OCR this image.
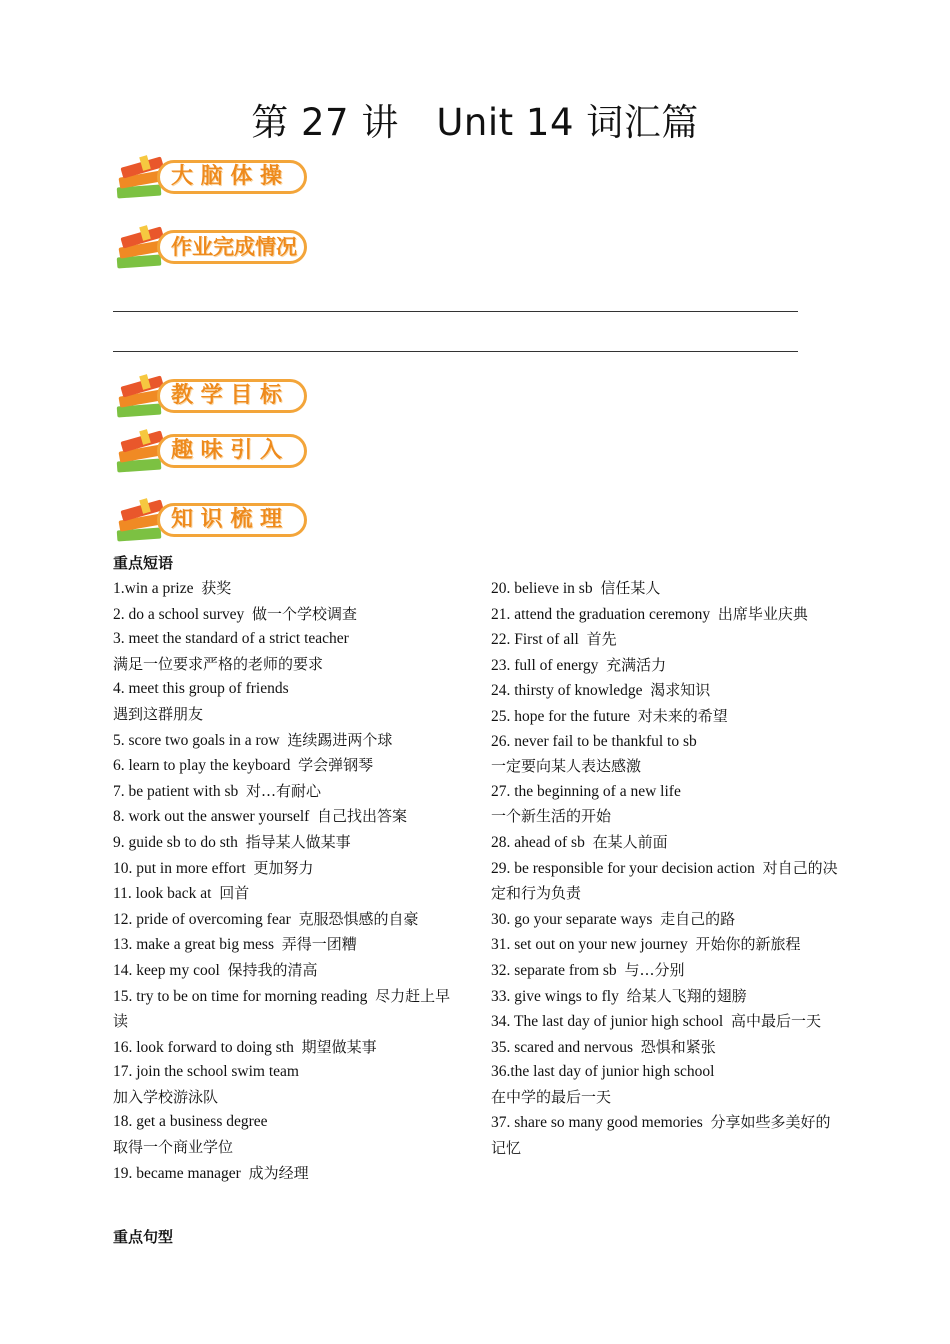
第 27 讲　Unit 14 词汇篇
大 脑 体 操
作业完成情况
教 学 目 标
趣 味 引 入
知 识 梳 理
重点短语
1.win a prize 获奖
2. do a school survey 做一个学校调查
3. meet the standard of a strict teacher
满足一位要求严格的老师的要求
4. meet this group of friends
遇到这群朋友
5. score two goals in a row 连续踢进两个球
6. learn to play the keyboard 学会弹钢琴
7. be patient with sb 对…有耐心
8. work out the answer yourself 自己找出答案
9. guide sb to do sth 指导某人做某事
10. put in more effort 更加努力
11. look back at 回首
12. pride of overcoming fear 克服恐惧感的自豪
13. make a great big mess 弄得一团糟
14. keep my cool 保持我的清高
15. try to be on time for morning reading 尽力赶上早读
16. look forward to doing sth 期望做某事
17. join the school swim team
加入学校游泳队
18. get a business degree
取得一个商业学位
19. became manager 成为经理
20. believe in sb 信任某人
21. attend the graduation ceremony 出席毕业庆典
22. First of all 首先
23. full of energy 充满活力
24. thirsty of knowledge 渴求知识
25. hope for the future 对未来的希望
26. never fail to be thankful to sb
一定要向某人表达感激
27. the beginning of a new life
一个新生活的开始
28. ahead of sb 在某人前面
29. be responsible for your decision action 对自己的决定和行为负责
30. go your separate ways 走自己的路
31. set out on your new journey 开始你的新旅程
32. separate from sb 与…分别
33. give wings to fly 给某人飞翔的翅膀
34. The last day of junior high school 高中最后一天
35. scared and nervous 恐惧和紧张
36.the last day of junior high school
在中学的最后一天
37. share so many good memories 分享如些多美好的记忆
重点句型
